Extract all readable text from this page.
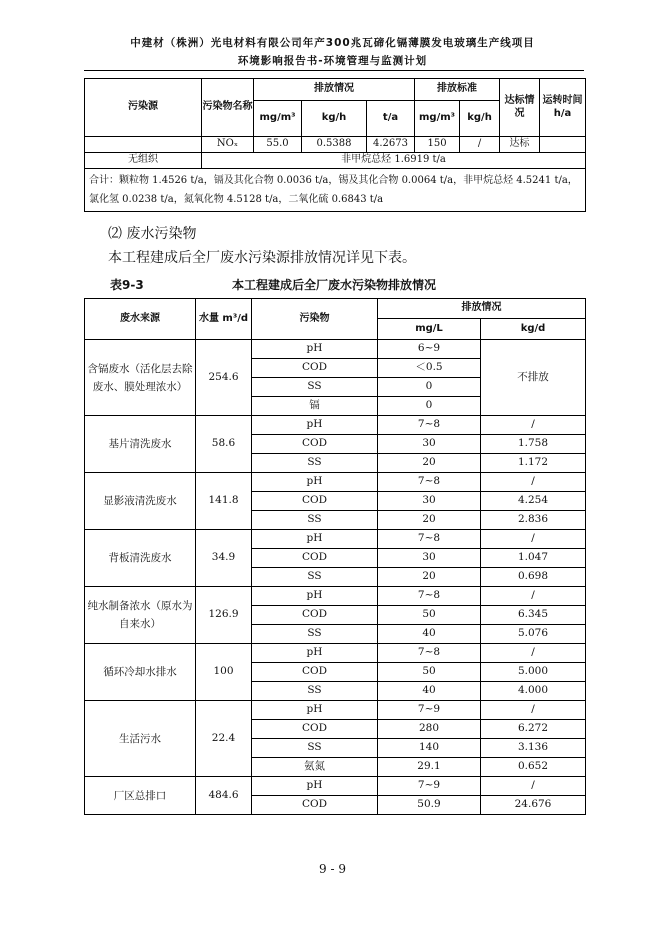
中建材（株洲）光电材料有限公司年产300兆瓦碲化镉薄膜发电玻璃生产线项目
环境影响报告书-环境管理与监测计划
污染源	污染物名称	排放情况			排放标准		达标情况	运转时间h/a
		mg/m³	kg/h	t/a	mg/m³	kg/h		
	NOₓ	55.0	0.5388	4.2673	150	/	达标	
无组织	非甲烷总烃 1.6919 t/a							
合计：颗粒物 1.4526 t/a，镉及其化合物 0.0036 t/a，锡及其化合物 0.0064 t/a，非甲烷总烃 4.5241 t/a，氯化氢 0.0238 t/a，氮氧化物 4.5128 t/a，二氧化硫 0.6843 t/a								
⑵ 废水污染物
本工程建成后全厂废水污染源排放情况详见下表。
表9-3	本工程建成后全厂废水污染物排放情况
废水来源	水量 m³/d	污染物	排放情况	
			mg/L	kg/d
含镉废水（活化层去除废水、膜处理浓水）	254.6	pH	6~9	不排放
		COD	＜0.5	
		SS	0	
		镉	0	
基片清洗废水	58.6	pH	7~8	/
		COD	30	1.758
		SS	20	1.172
显影液清洗废水	141.8	pH	7~8	/
		COD	30	4.254
		SS	20	2.836
背板清洗废水	34.9	pH	7~8	/
		COD	30	1.047
		SS	20	0.698
纯水制备浓水（原水为自来水）	126.9	pH	7~8	/
		COD	50	6.345
		SS	40	5.076
循环冷却水排水	100	pH	7~8	/
		COD	50	5.000
		SS	40	4.000
生活污水	22.4	pH	7~9	/
		COD	280	6.272
		SS	140	3.136
		氨氮	29.1	0.652
厂区总排口	484.6	pH	7~9	/
		COD	50.9	24.676
9 - 9
